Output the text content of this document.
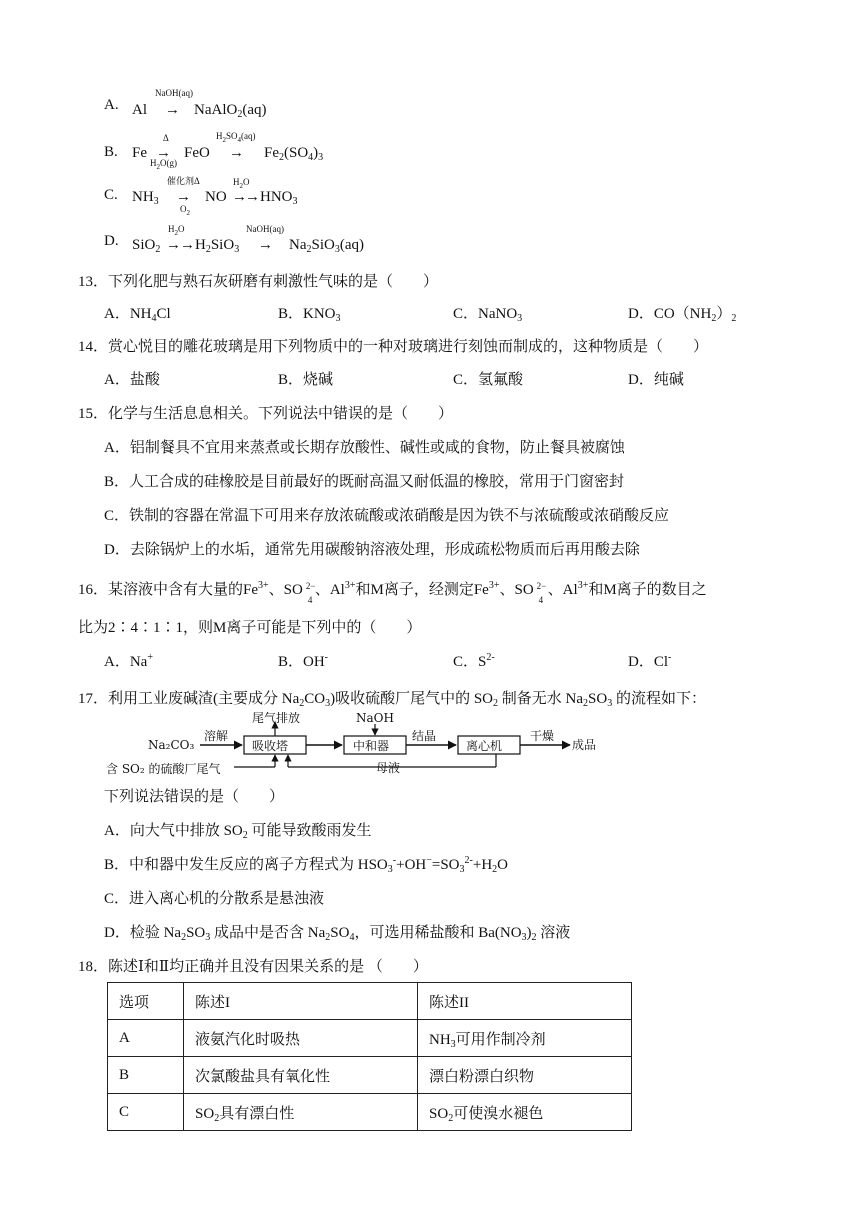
A. Al
NaOH(aq)
→ NaAlO$_2$(aq)
B. Fe
Δ
→
$H_2O(g)$
FeO
$H_2SO_4(aq)$
→ $Fe_2(SO_4)_3$
C. $NH_3$
催化剂Δ
→
$O_2$
NO
$H_2O$
→
$\to HNO_3$
D. SiO$_2$
$H_2O$
→ $\to H_2SiO_3$
NaOH(aq)
→ $Na_2SiO_3(aq)$
13．下列化肥与熟石灰研磨有刺激性气味的是（　　）
A．$NH_4Cl$	B．$KNO_3$	C．NaNO$_3$	D．$CO(NH_2)_2$
14．赏心悦目的雕花玻璃是用下列物质中的一种对玻璃进行刻蚀而制成的，这种物质是（　　）
A．盐酸	B．烧碱	C．氢氟酸	D．纯碱
15．化学与生活息息相关。下列说法中错误的是（　　）
A．铝制餐具不宜用来蒸煮或长期存放酸性、碱性或咸的食物，防止餐具被腐蚀
B．人工合成的硅橡胶是目前最好的既耐高温又耐低温的橡胶，常用于门窗密封
C．铁制的容器在常温下可用来存放浓硫酸或浓硝酸是因为铁不与浓硫酸或浓硝酸反应
D．去除锅炉上的水垢，通常先用碳酸钠溶液处理，形成疏松物质而后再用酸去除
16．某溶液中含有大量的$Fe^{3+}$、SO 2−
4
、$Al^{3+}$和M离子，经测定$Fe^{3+}$、SO 2−
4
、$Al^{3+}$和M离子的数目之
比为2∶4∶1∶1，则M离子可能是下列中的（　　）
A．Na+	B．OH-	C．$S^{2-}$	D．Cl-
17．利用工业废碱渣(主要成分 $Na_2CO_3$)吸收硫酸厂尾气中的 $SO_2$ 制备无水 $Na_2SO_3$ 的流程如下：
Na₂CO₃
溶解
吸收塔
尾气排放
中和器
NaOH
结晶
离心机
干燥
成品
含 SO₂ 的硫酸厂尾气	母液
下列说法错误的是（　　）
A．向大气中排放 $SO_2$ 可能导致酸雨发生
B．中和器中发生反应的离子方程式为 $HSO_3^-+OH^-=SO_3^{2-}+H_2O$
C．进入离心机的分散系是悬浊液
D．检验 $Na_2SO_3$ 成品中是否含 $Na_2SO_4$，可选用稀盐酸和 $Ba(NO_3)_2$ 溶液
18．陈述Ⅰ和Ⅱ均正确并且没有因果关系的是 （　　）
选项	陈述I	陈述II
A	液氨汽化时吸热	$NH_3$可用作制冷剂
B	次氯酸盐具有氧化性	漂白粉漂白织物
C	$SO_2$具有漂白性	$SO_2$可使溴水褪色
